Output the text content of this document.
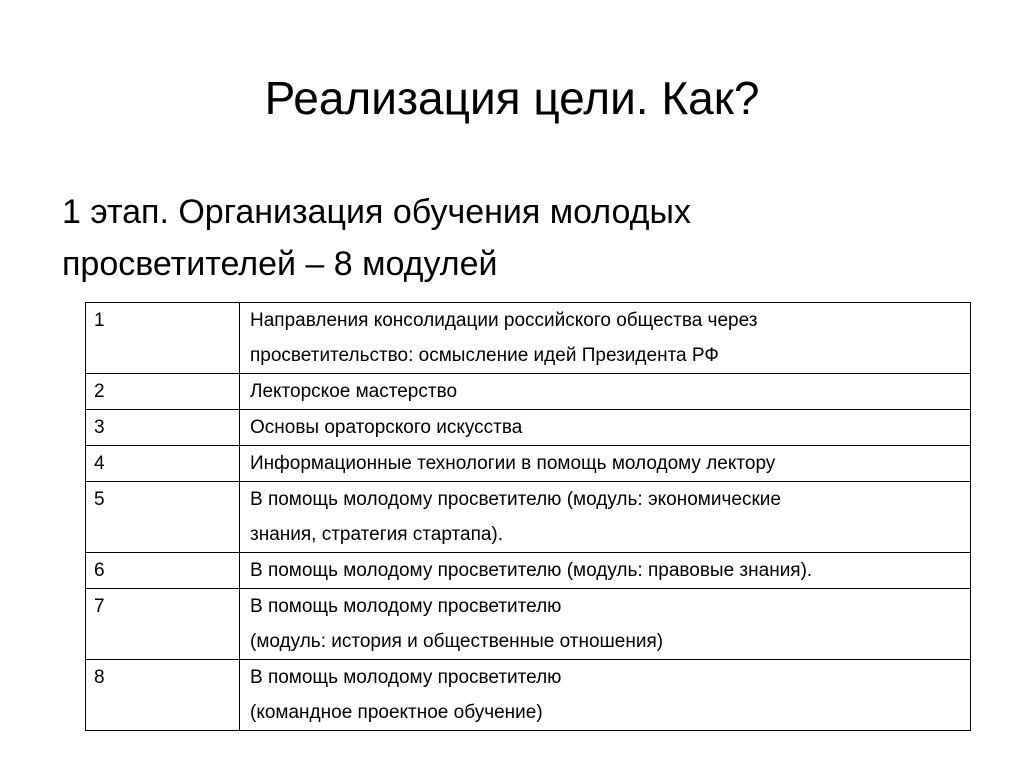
Реализация цели. Как?
1 этап. Организация обучения молодых
просветителей – 8 модулей
1	Направления консолидации российского общества через
просветительство: осмысление идей Президента РФ

2	Лекторское мастерство

3	Основы ораторского искусства

4	Информационные технологии в помощь молодому лектору

5	В помощь молодому просветителю (модуль: экономические
знания, стратегия стартапа).

6	В помощь молодому просветителю (модуль: правовые знания).

7	В помощь молодому просветителю
(модуль: история и общественные отношения)

8	В помощь молодому просветителю
(командное проектное обучение)
